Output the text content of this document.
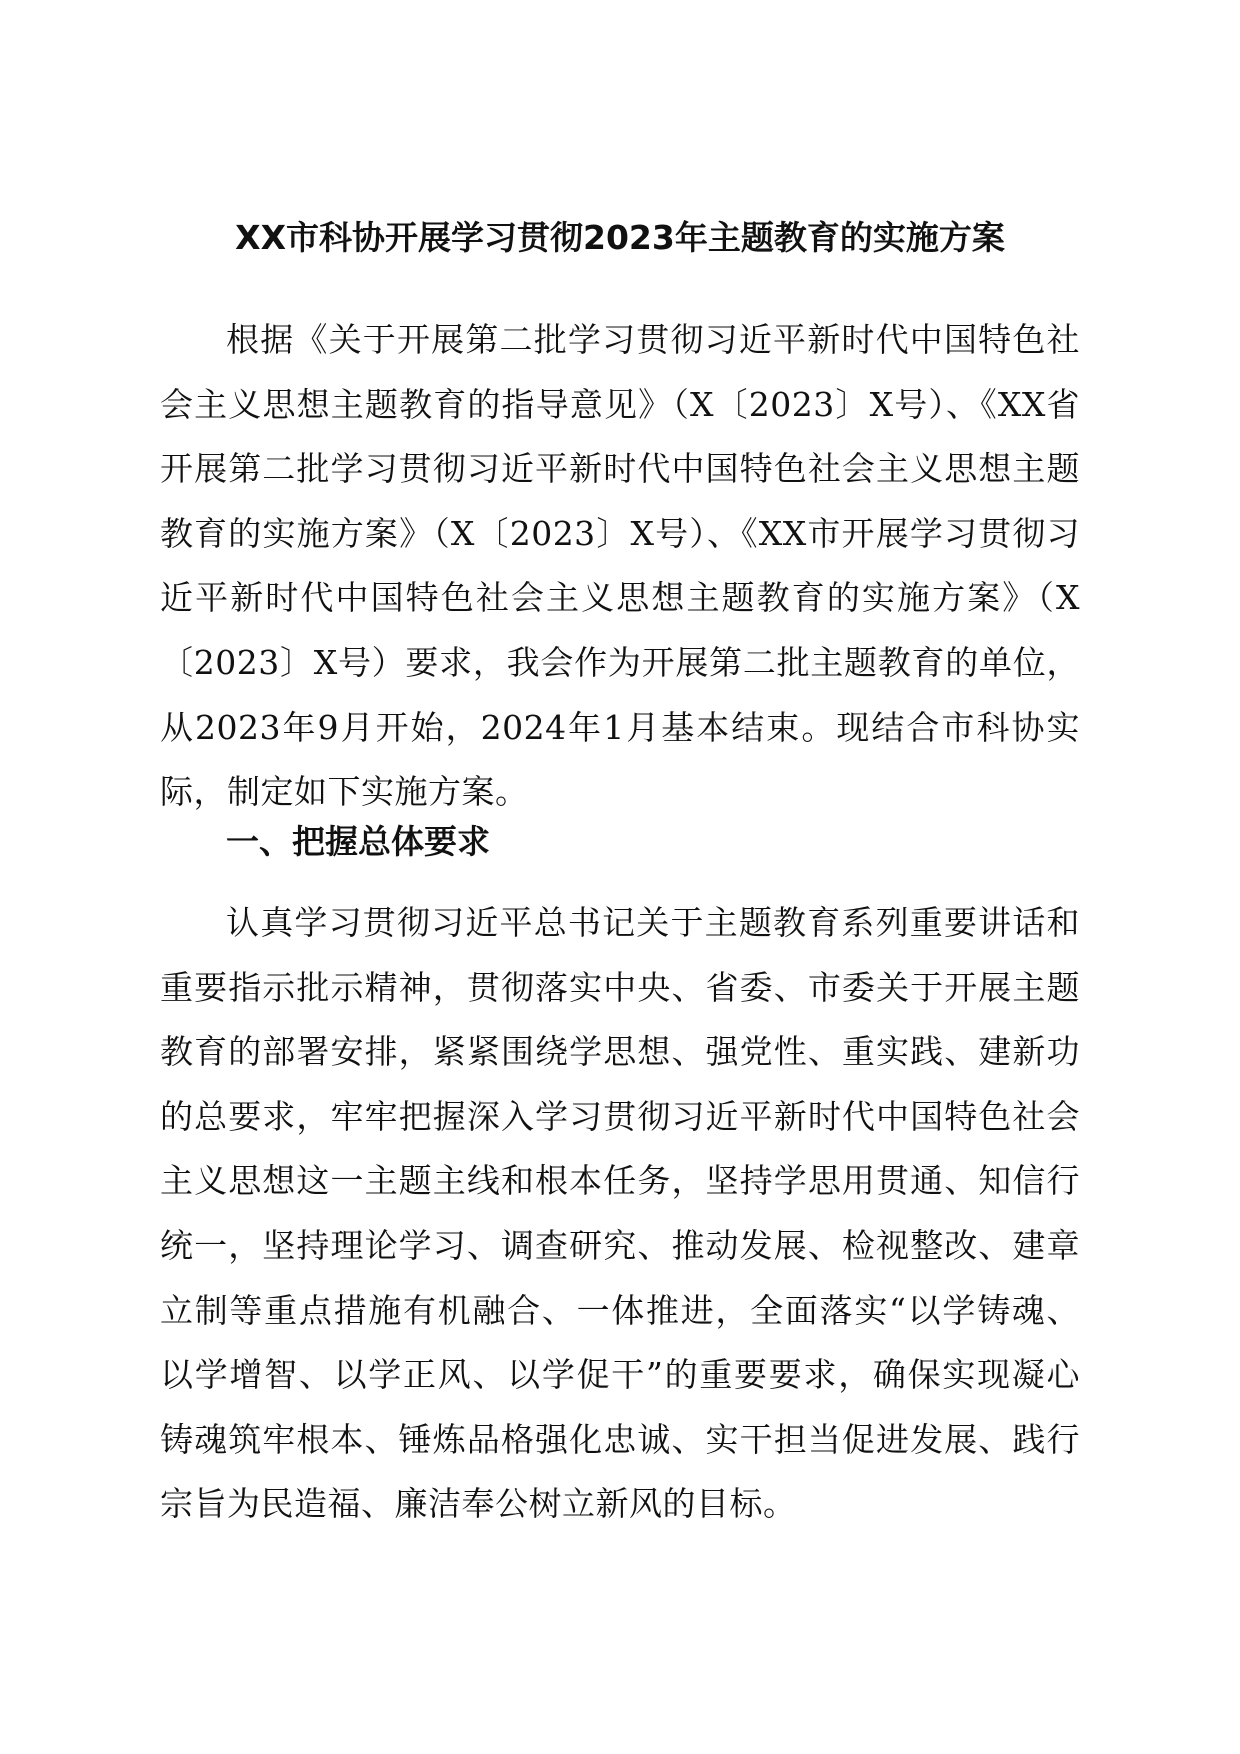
XX市科协开展学习贯彻2023年主题教育的实施方案

根据《关于开展第二批学习贯彻习近平新时代中国特色社会主义思想主题教育的指导意见》（X〔2023〕X号）、《XX省开展第二批学习贯彻习近平新时代中国特色社会主义思想主题教育的实施方案》（X〔2023〕X号）、《XX市开展学习贯彻习近平新时代中国特色社会主义思想主题教育的实施方案》（X〔2023〕X号）要求，我会作为开展第二批主题教育的单位，从2023年9月开始，2024年1月基本结束。现结合市科协实际，制定如下实施方案。

一、把握总体要求

认真学习贯彻习近平总书记关于主题教育系列重要讲话和重要指示批示精神，贯彻落实中央、省委、市委关于开展主题教育的部署安排，紧紧围绕学思想、强党性、重实践、建新功的总要求，牢牢把握深入学习贯彻习近平新时代中国特色社会主义思想这一主题主线和根本任务，坚持学思用贯通、知信行统一，坚持理论学习、调查研究、推动发展、检视整改、建章立制等重点措施有机融合、一体推进，全面落实“以学铸魂、以学增智、以学正风、以学促干”的重要要求，确保实现凝心铸魂筑牢根本、锤炼品格强化忠诚、实干担当促进发展、践行宗旨为民造福、廉洁奉公树立新风的目标。
